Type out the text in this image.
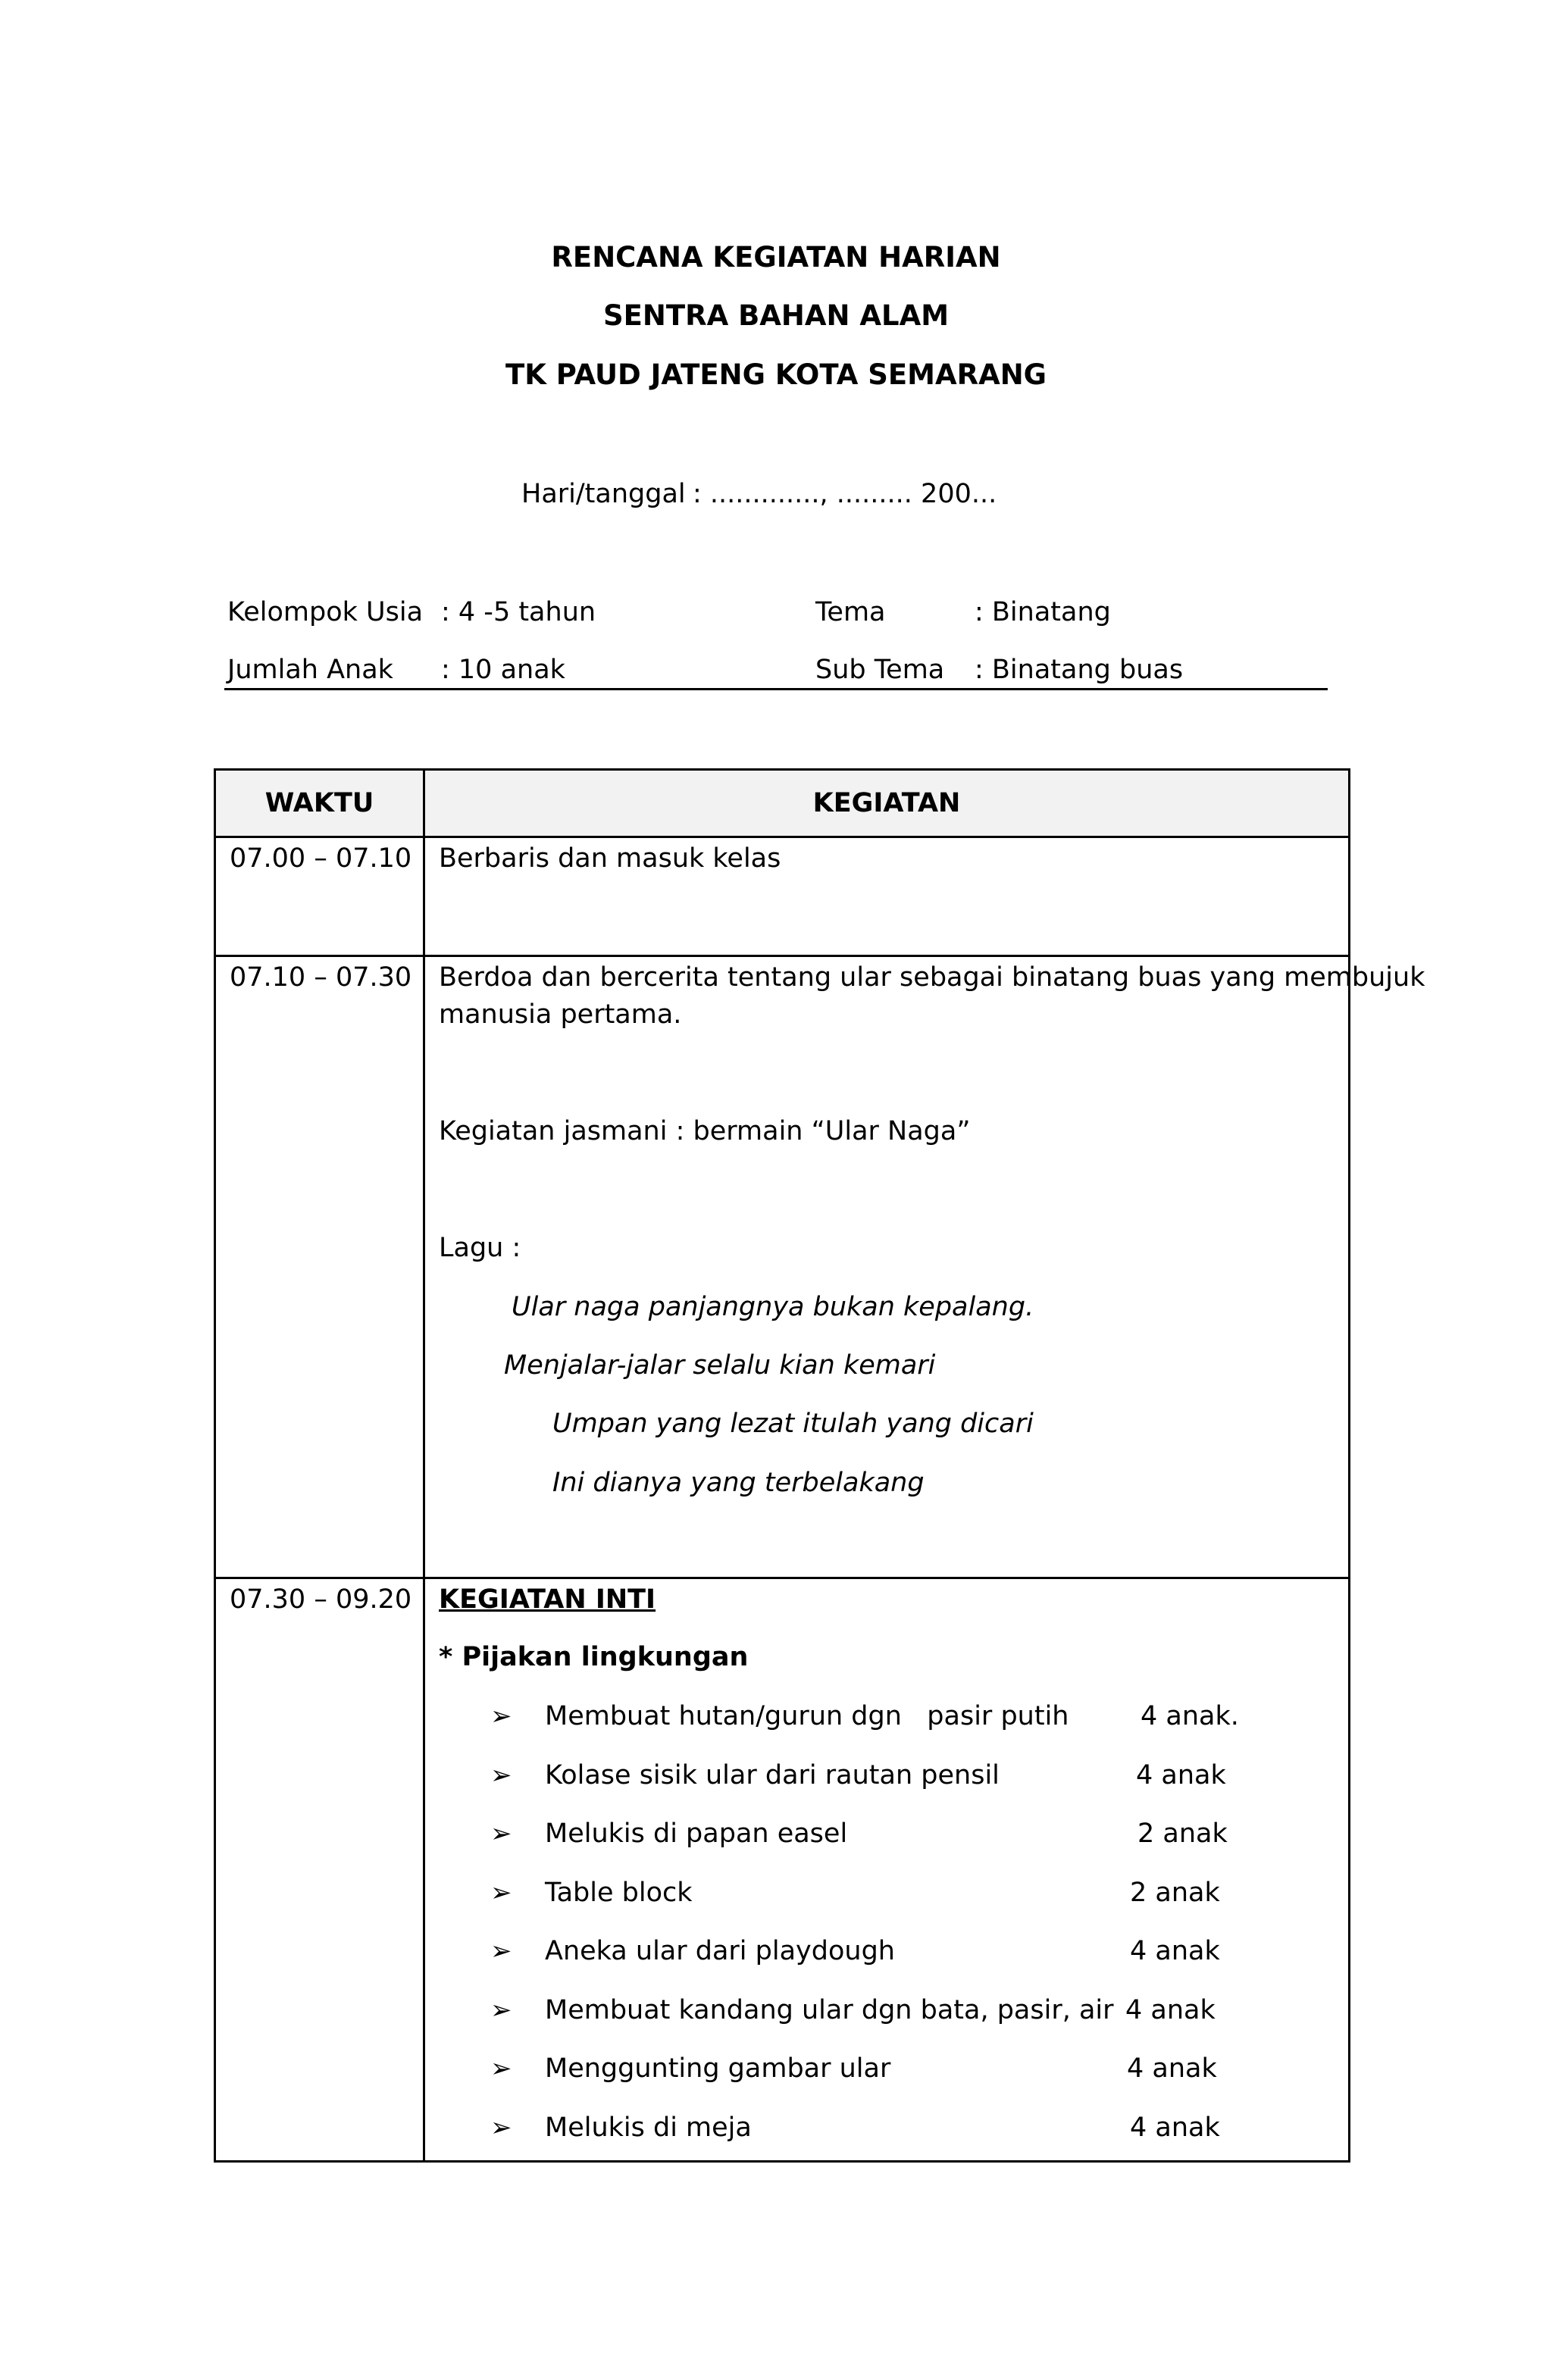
RENCANA KEGIATAN HARIAN
SENTRA BAHAN ALAM
TK PAUD JATENG KOTA SEMARANG
Hari/tanggal : ............., ......... 200...
Kelompok Usia : 4 -5 tahun	Tema	: Binatang
Jumlah Anak : 10 anak	Sub Tema : Binatang buas
WAKTU	KEGIATAN
07.00 – 07.10 Berbaris dan masuk kelas
07.10 – 07.30 Berdoa dan bercerita tentang ular sebagai binatang buas yang membujuk
manusia pertama.
Kegiatan jasmani : bermain “Ular Naga”
Lagu :
Ular naga panjangnya bukan kepalang.
Menjalar-jalar selalu kian kemari
Umpan yang lezat itulah yang dicari
Ini dianya yang terbelakang
07.30 – 09.20 KEGIATAN INTI
* Pijakan lingkungan
➢ Membuat hutan/gurun dgn   pasir putih	4 anak.
➢ Kolase sisik ular dari rautan pensil	4 anak
➢ Melukis di papan easel	2 anak
➢ Table block	2 anak
➢ Aneka ular dari playdough	4 anak
➢ Membuat kandang ular dgn bata, pasir, air 4 anak
➢ Menggunting gambar ular	4 anak
➢ Melukis di meja	4 anak
